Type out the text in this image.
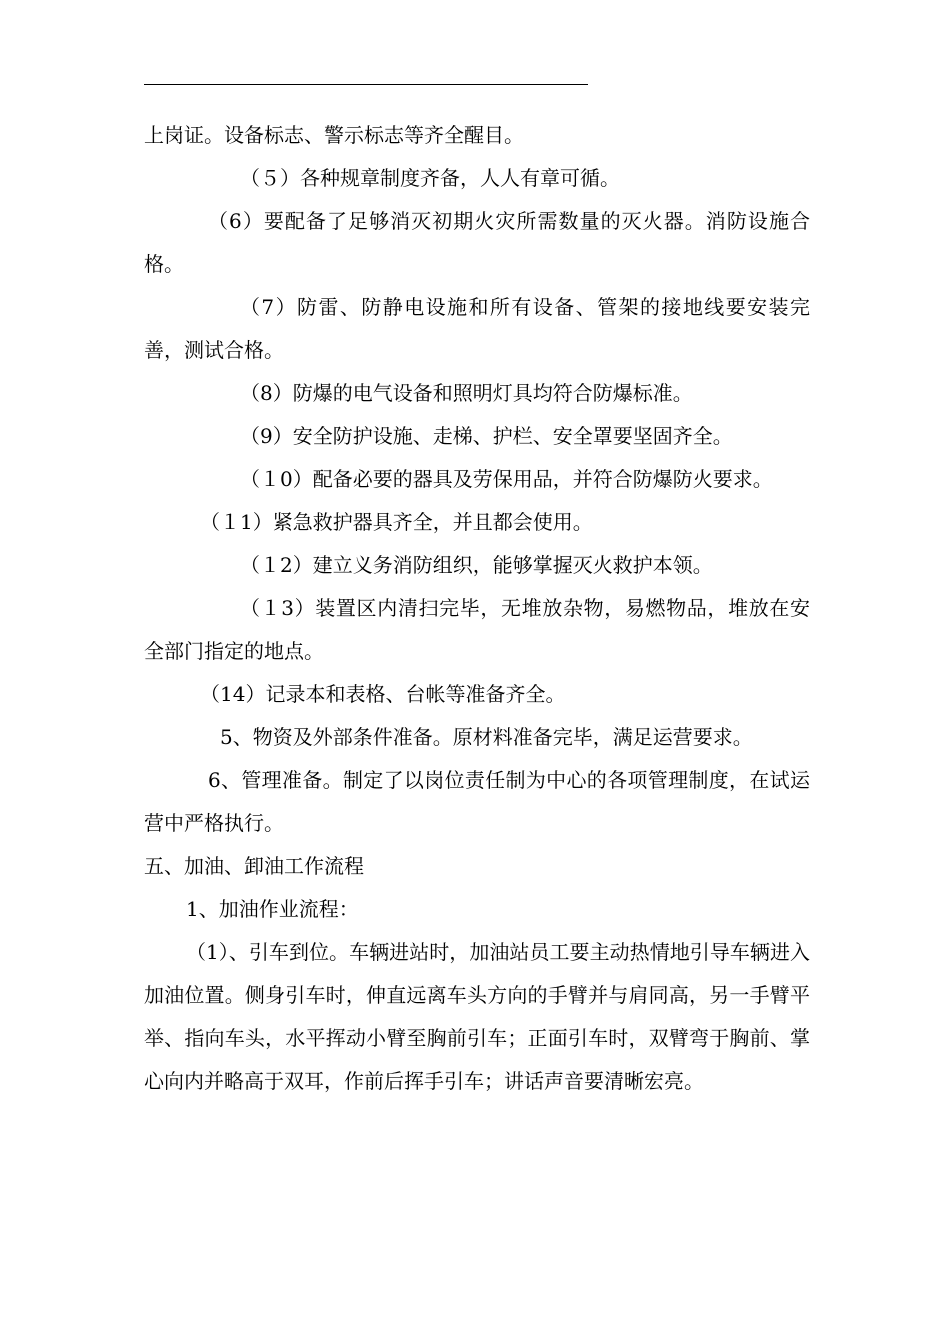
上岗证。设备标志、警示标志等齐全醒目。

（５）各种规章制度齐备，人人有章可循。

（6）要配备了足够消灭初期火灾所需数量的灭火器。消防设施合格。

（7）防雷、防静电设施和所有设备、管架的接地线要安装完善，测试合格。

（8）防爆的电气设备和照明灯具均符合防爆标准。

（9）安全防护设施、走梯、护栏、安全罩要坚固齐全。

（１0）配备必要的器具及劳保用品，并符合防爆防火要求。

（１1）紧急救护器具齐全，并且都会使用。

（１2）建立义务消防组织，能够掌握灭火救护本领。

（１3）装置区内清扫完毕，无堆放杂物，易燃物品，堆放在安全部门指定的地点。

（14）记录本和表格、台帐等准备齐全。

5、物资及外部条件准备。原材料准备完毕，满足运营要求。

6、管理准备。制定了以岗位责任制为中心的各项管理制度，在试运营中严格执行。

五、加油、卸油工作流程

1、加油作业流程：

（1）、引车到位。车辆进站时，加油站员工要主动热情地引导车辆进入加油位置。侧身引车时，伸直远离车头方向的手臂并与肩同高，另一手臂平举、指向车头，水平挥动小臂至胸前引车；正面引车时，双臂弯于胸前、掌心向内并略高于双耳，作前后挥手引车；讲话声音要清晰宏亮。
